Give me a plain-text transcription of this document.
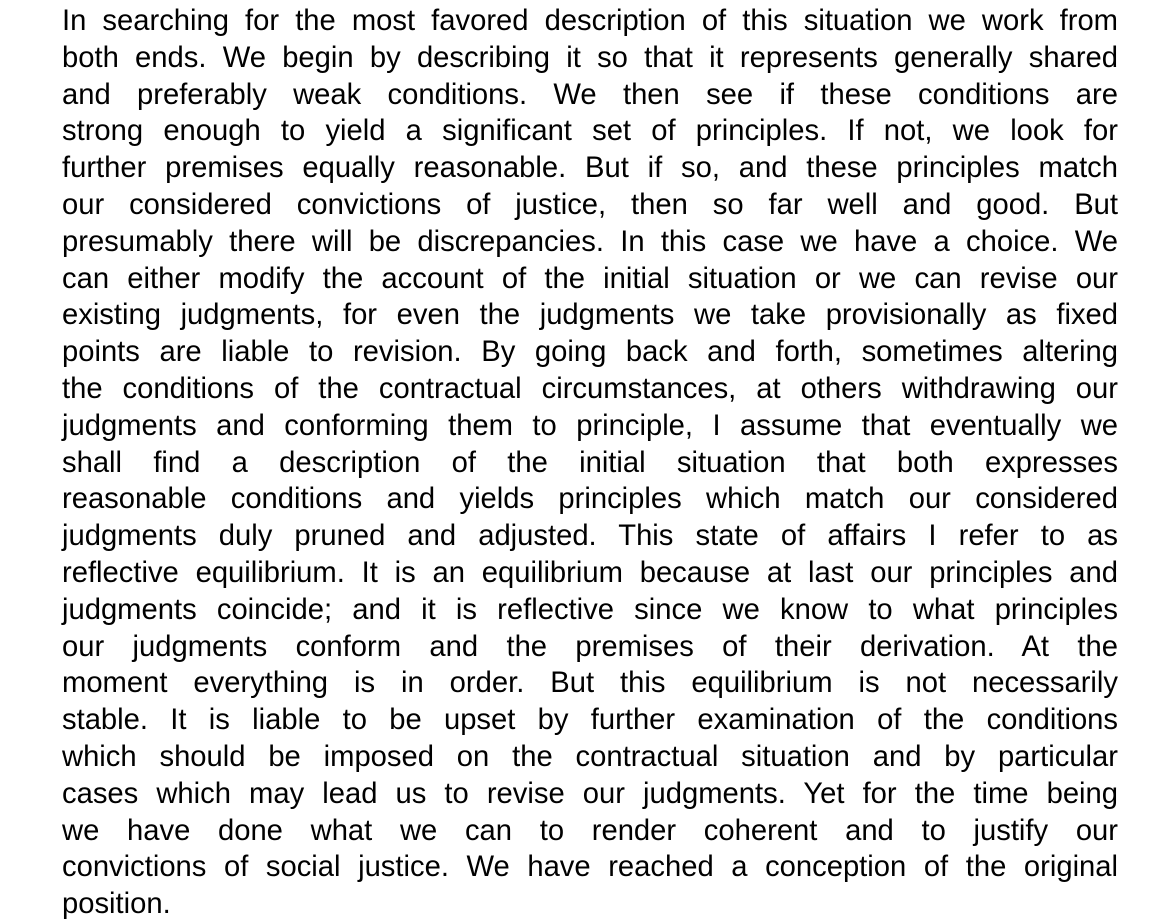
In searching for the most favored description of this situation we work from
both ends. We begin by describing it so that it represents generally shared
and preferably weak conditions. We then see if these conditions are
strong enough to yield a significant set of principles. If not, we look for
further premises equally reasonable. But if so, and these principles match
our considered convictions of justice, then so far well and good. But
presumably there will be discrepancies. In this case we have a choice. We
can either modify the account of the initial situation or we can revise our
existing judgments, for even the judgments we take provisionally as fixed
points are liable to revision. By going back and forth, sometimes altering
the conditions of the contractual circumstances, at others withdrawing our
judgments and conforming them to principle, I assume that eventually we
shall find a description of the initial situation that both expresses
reasonable conditions and yields principles which match our considered
judgments duly pruned and adjusted. This state of affairs I refer to as
reflective equilibrium. It is an equilibrium because at last our principles and
judgments coincide; and it is reflective since we know to what principles
our judgments conform and the premises of their derivation. At the
moment everything is in order. But this equilibrium is not necessarily
stable. It is liable to be upset by further examination of the conditions
which should be imposed on the contractual situation and by particular
cases which may lead us to revise our judgments. Yet for the time being
we have done what we can to render coherent and to justify our
convictions of social justice. We have reached a conception of the original
position.
